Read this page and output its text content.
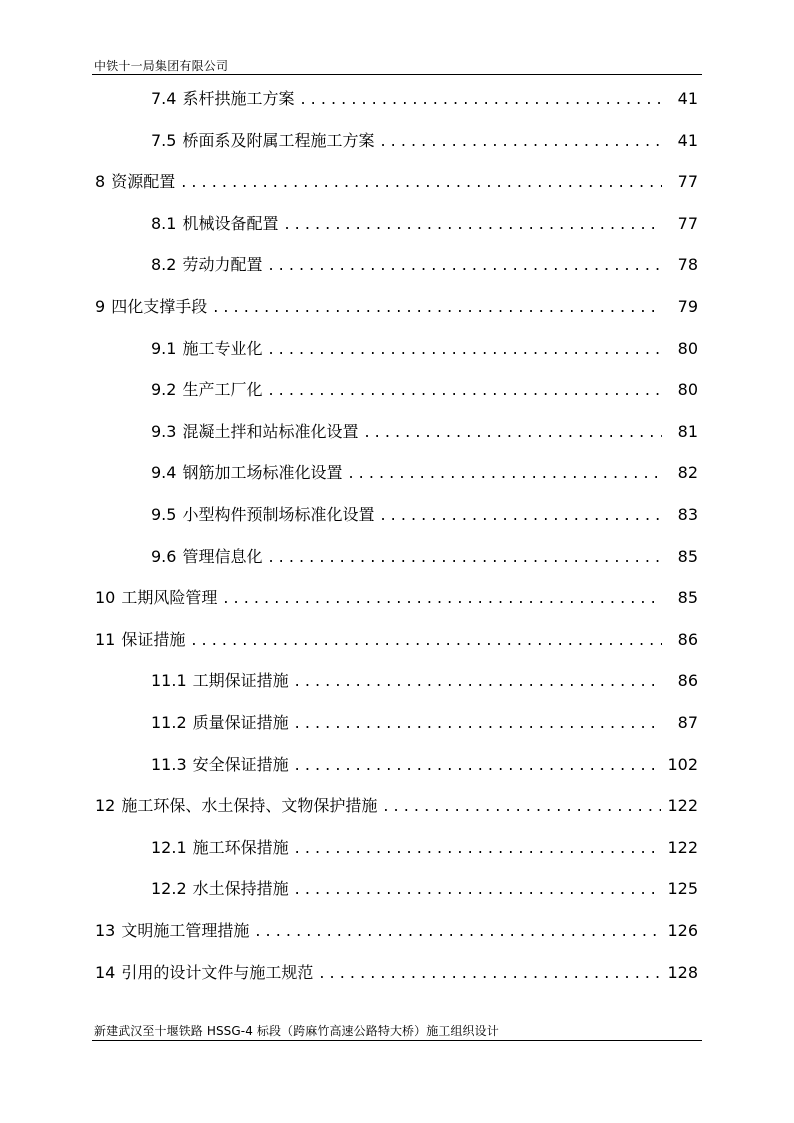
中铁十一局集团有限公司
7.4 系杆拱施工方案 . . .	41
7.5 桥面系及附属工程施工方案 . . .	41
8 资源配置 . . .	77
8.1 机械设备配置 . . .	77
8.2 劳动力配置 . . .	78
9 四化支撑手段 . . .	79
9.1 施工专业化 . . .	80
9.2 生产工厂化 . . .	80
9.3 混凝土拌和站标准化设置 . . .	81
9.4 钢筋加工场标准化设置 . . .	82
9.5 小型构件预制场标准化设置 . . .	83
9.6 管理信息化 . . .	85
10 工期风险管理 . . .	85
11 保证措施 . . .	86
11.1 工期保证措施 . . .	86
11.2 质量保证措施 . . .	87
11.3 安全保证措施 . . .	102
12 施工环保、水土保持、文物保护措施 . . .	122
12.1 施工环保措施 . . .	122
12.2 水土保持措施 . . .	125
13 文明施工管理措施 . . .	126
14 引用的设计文件与施工规范 . . .	128
新建武汉至十堰铁路 HSSG-4 标段（跨麻竹高速公路特大桥）施工组织设计
